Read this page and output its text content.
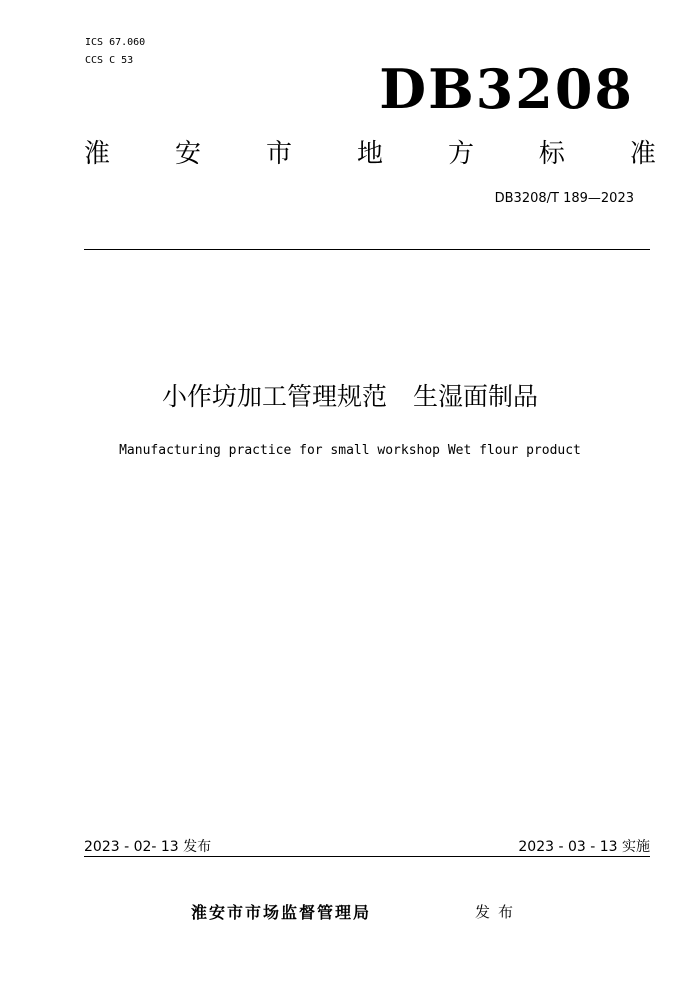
ICS 67.060
CCS C 53	DB3208
淮 安 市 地 方 标 准
DB3208/T 189—2023
小作坊加工管理规范 生湿面制品
Manufacturing practice for small workshop Wet flour product
2023 - 02- 13 发布	2023 - 03 - 13 实施
淮安市市场监督管理局	发布
